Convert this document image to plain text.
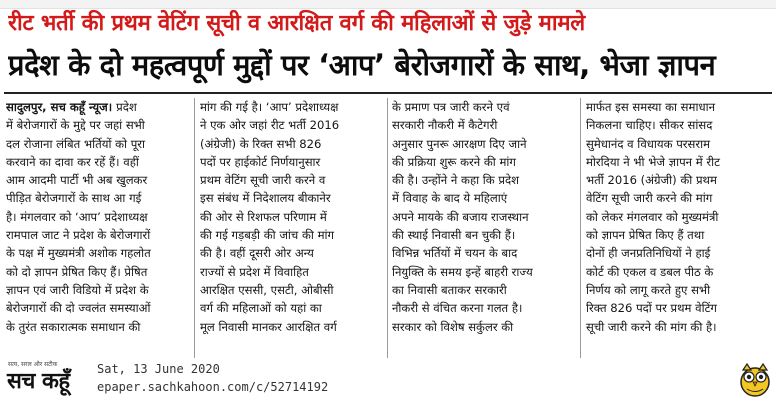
रीट भर्ती की प्रथम वेटिंग सूची व आरक्षित वर्ग की महिलाओं से जुड़े मामले
प्रदेश के दो महत्वपूर्ण मुद्दों पर ‘आप’ बेरोजगारों के साथ, भेजा ज्ञापन
सादुलपुर, सच कहूँ न्यूज। प्रदेश
में बेरोजगारों के मुद्दे पर जहां सभी
दल रोजाना लंबित भर्तियों को पूरा
करवाने का दावा कर रहें हैं। वहीं
आम आदमी पार्टी भी अब खुलकर
पीड़ित बेरोजगारों के साथ आ गई
है। मंगलवार को ‘आप’ प्रदेशाध्यक्ष
रामपाल जाट ने प्रदेश के बेरोजगारों
के पक्ष में मुख्यमंत्री अशोक गहलोत
को दो ज्ञापन प्रेषित किए हैं। प्रेषित
ज्ञापन एवं जारी विडियो में प्रदेश के
बेरोजगारों की दो ज्वलंत समस्याओं
के तुरंत सकारात्मक समाधान की
मांग की गई है। ‘आप’ प्रदेशाध्यक्ष
ने एक ओर जहां रीट भर्ती 2016
(अंग्रेजी) के रिक्त सभी 826
पदों पर हाईकोर्ट निर्णयानुसार
प्रथम वेटिंग सूची जारी करने व
इस संबंध में निदेशालय बीकानेर
की ओर से रिशफल परिणाम में
की गई गड़बड़ी की जांच की मांग
की है। वहीं दूसरी ओर अन्य
राज्यों से प्रदेश में विवाहित
आरक्षित एससी, एसटी, ओबीसी
वर्ग की महिलाओं को यहां का
मूल निवासी मानकर आरक्षित वर्ग
के प्रमाण पत्र जारी करने एवं
सरकारी नौकरी में कैटेगरी
अनुसार पुनरू आरक्षण दिए जाने
की प्रक्रिया शुरू करने की मांग
की है। उन्होंने ने कहा कि प्रदेश
में विवाह के बाद ये महिलाएं
अपने मायके की बजाय राजस्थान
की स्थाई निवासी बन चुकी हैं।
विभिन्न भर्तियों में चयन के बाद
नियुक्ति के समय इन्हें बाहरी राज्य
का निवासी बताकर सरकारी
नौकरी से वंचित करना गलत है।
सरकार को विशेष सर्कुलर की
मार्फत इस समस्या का समाधान
निकलना चाहिए। सीकर सांसद
सुमेधानंद व विधायक परसराम
मोरदिया ने भी भेजे ज्ञापन में रीट
भर्ती 2016 (अंग्रेजी) की प्रथम
वेटिंग सूची जारी करने की मांग
को लेकर मंगलवार को मुख्यमंत्री
को ज्ञापन प्रेषित किए हैं तथा
दोनों ही जनप्रतिनिधियों ने हाई
कोर्ट की एकल व डबल पीठ के
निर्णय को लागू करते हुए सभी
रिक्त 826 पदों पर प्रथम वेटिंग
सूची जारी करने की मांग की है।
सत्य, सरल और सटीक
सच कहूँ Sat, 13 June 2020
epaper.sachkahoon.com/c/52714192
